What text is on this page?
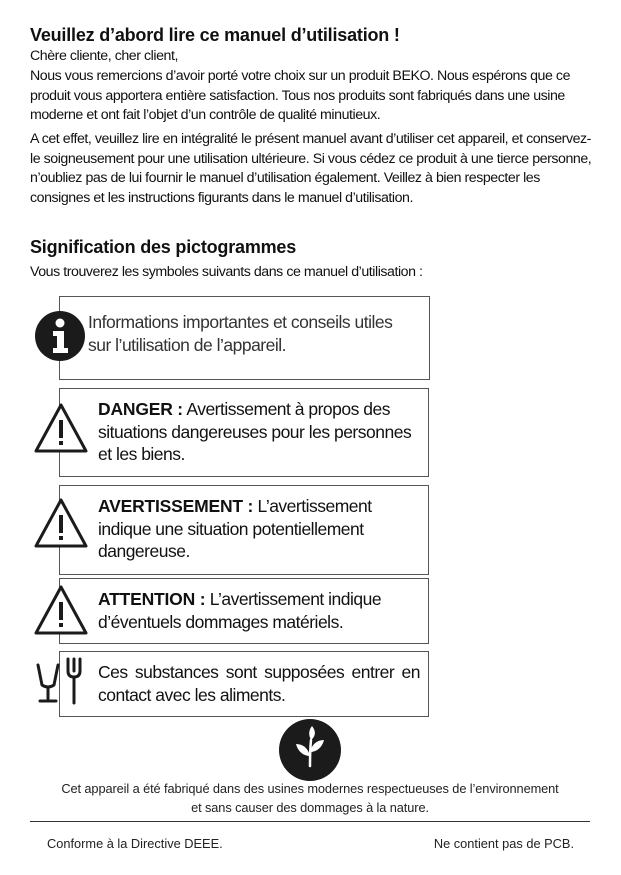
Veuillez d’abord lire ce manuel d’utilisation !
Chère cliente, cher client,
Nous vous remercions d’avoir porté votre choix sur un produit BEKO. Nous espérons que ce produit vous apportera entière satisfaction. Tous nos produits sont fabriqués dans une usine moderne et ont fait l’objet d’un contrôle de qualité minutieux.
A cet effet, veuillez lire en intégralité le présent manuel avant d’utiliser cet appareil, et conservez-le soigneusement pour une utilisation ultérieure. Si vous cédez ce produit à une tierce personne, n’oubliez pas de lui fournir le manuel d’utilisation également. Veillez à bien respecter les consignes et les instructions figurants dans le manuel d’utilisation.
Signification des pictogrammes
Vous trouverez les symboles suivants dans ce manuel d’utilisation :
Informations importantes et conseils utiles sur l’utilisation de l’appareil.
DANGER : Avertissement à propos des situations dangereuses pour les personnes et les biens.
AVERTISSEMENT : L’avertissement indique une situation potentiellement dangereuse.
ATTENTION : L’avertissement indique d’éventuels dommages matériels.
Ces substances sont supposées entrer en contact avec les aliments.
Cet appareil a été fabriqué dans des usines modernes respectueuses de l’environnement et sans causer des dommages à la nature.
Conforme à la Directive DEEE.	Ne contient pas de PCB.
